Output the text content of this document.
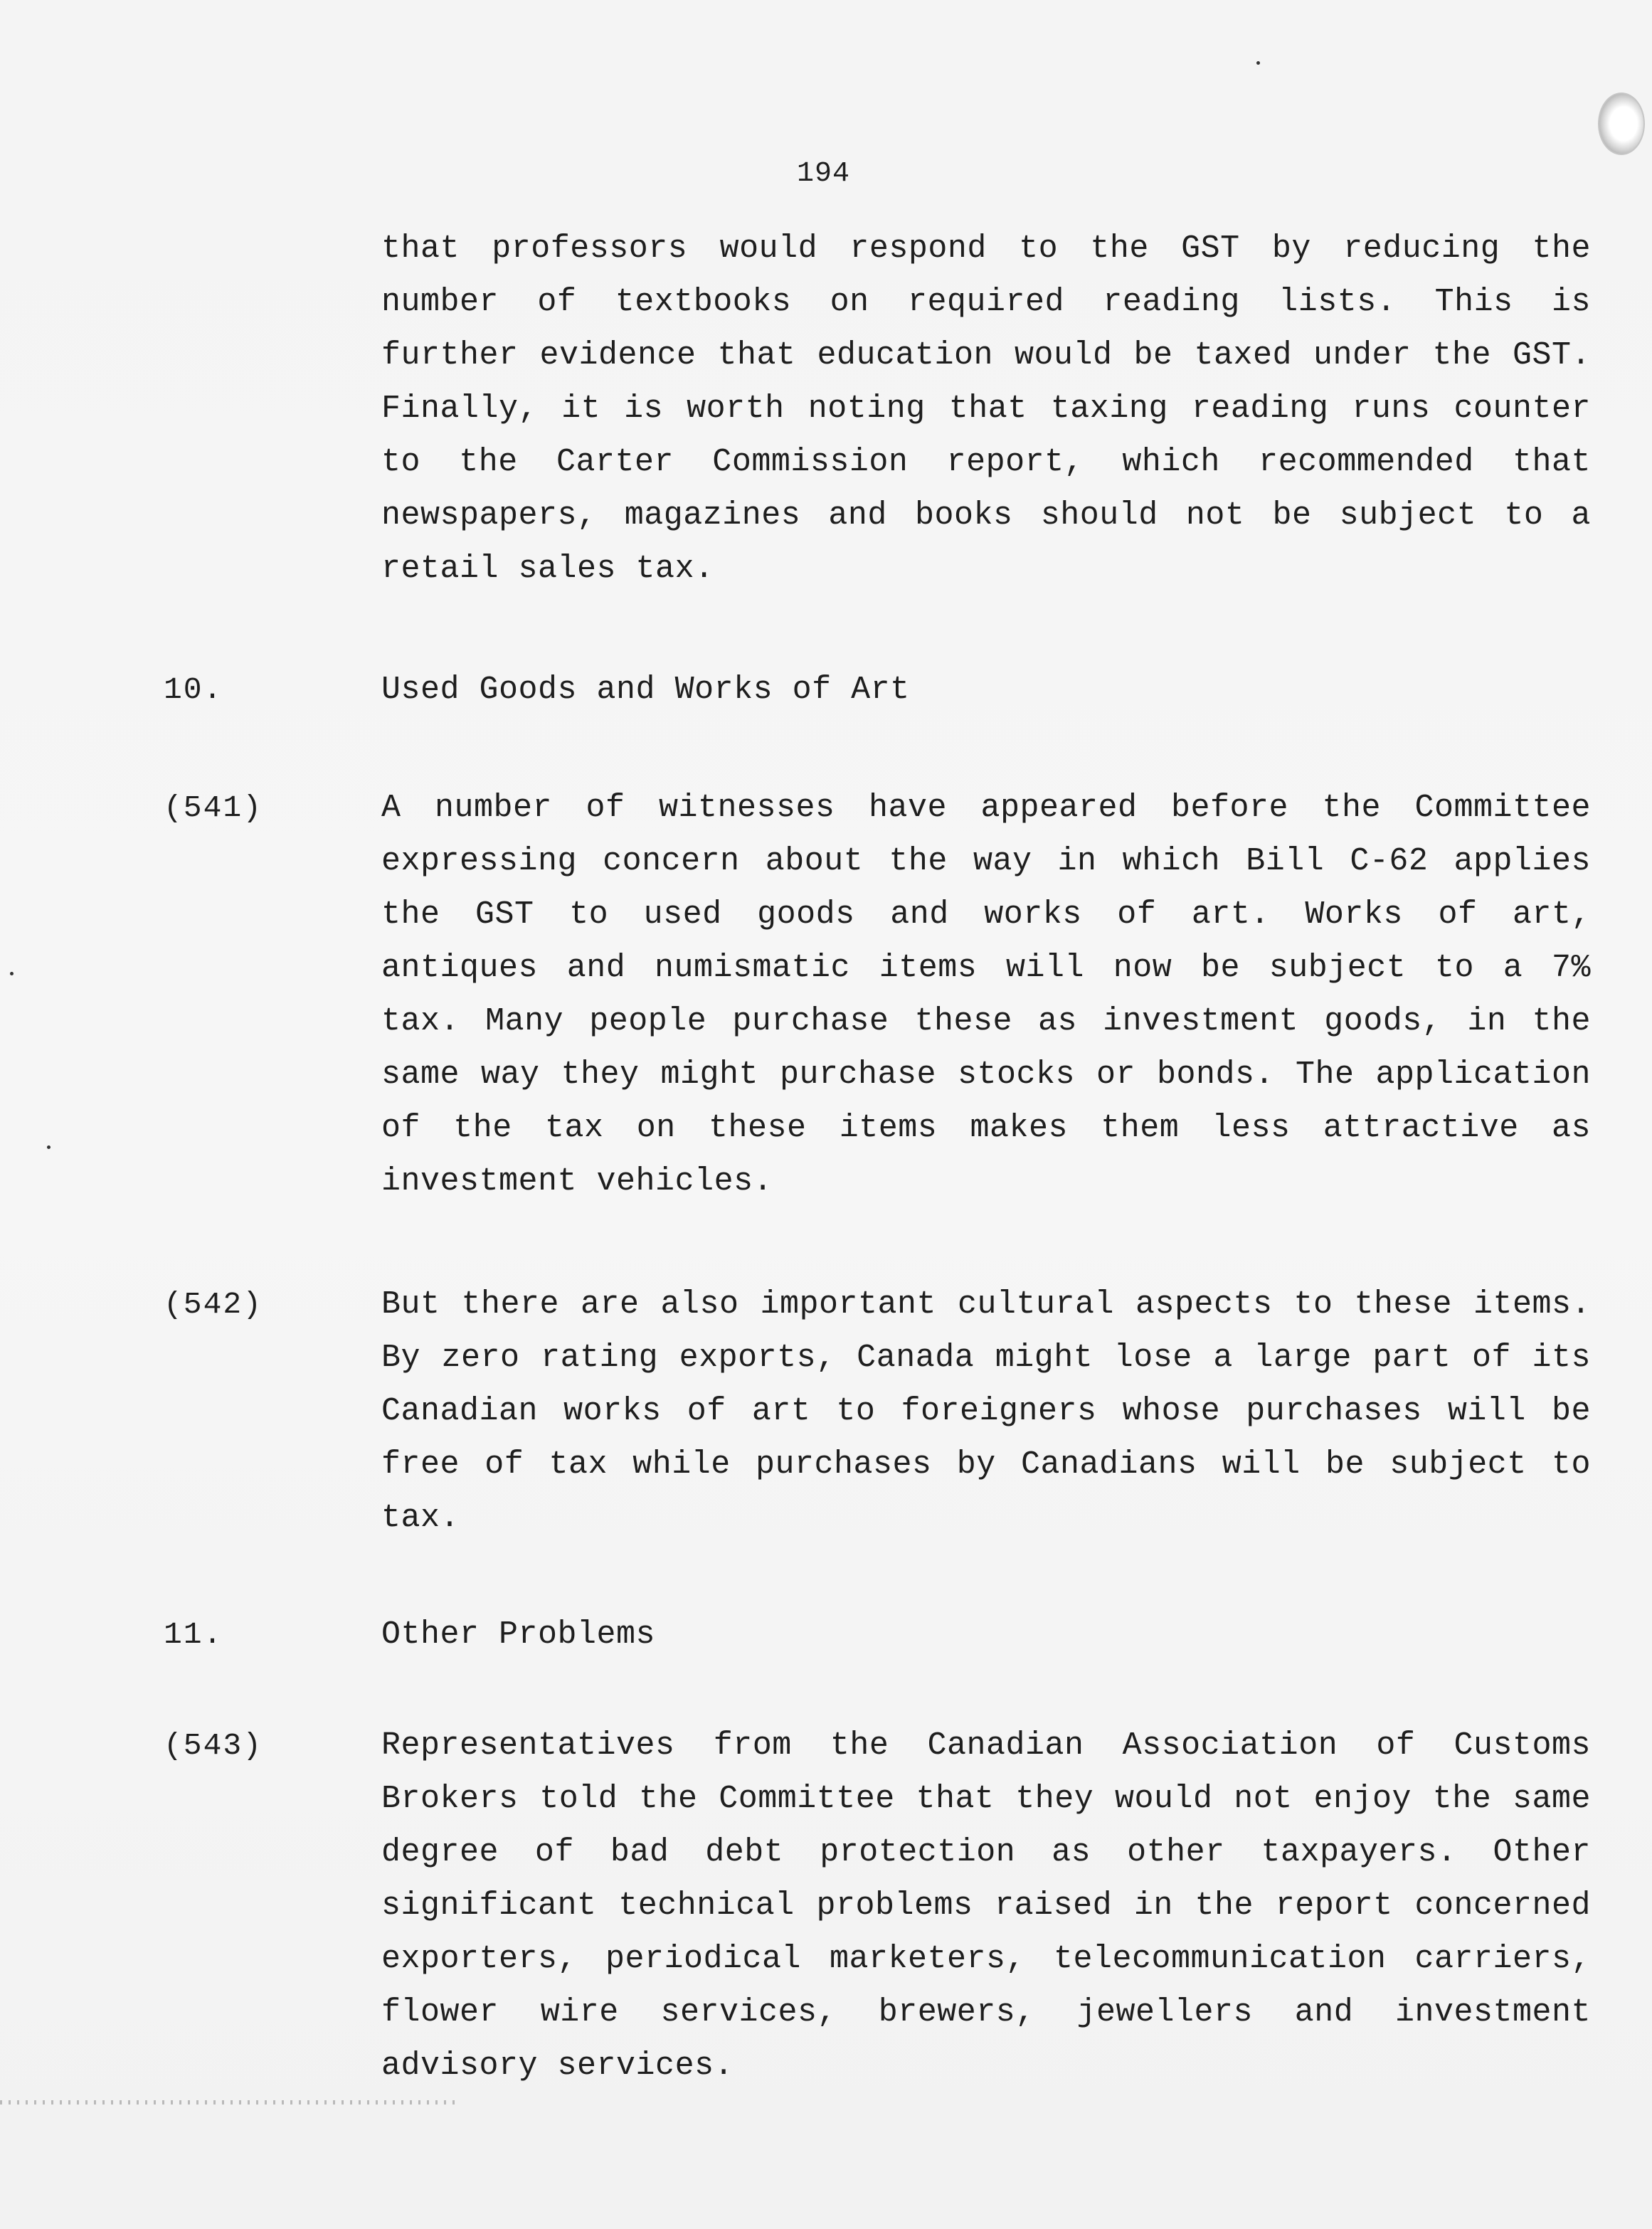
194

that professors would respond to the GST by reducing the number of textbooks on required reading lists. This is further evidence that education would be taxed under the GST. Finally, it is worth noting that taxing reading runs counter to the Carter Commission report, which recommended that newspapers, magazines and books should not be subject to a retail sales tax.

10.	Used Goods and Works of Art
(541)	A number of witnesses have appeared before the Committee expressing concern about the way in which Bill C-62 applies the GST to used goods and works of art. Works of art, antiques and numismatic items will now be subject to a 7% tax. Many people purchase these as investment goods, in the same way they might purchase stocks or bonds. The application of the tax on these items makes them less attractive as investment vehicles.

(542)	But there are also important cultural aspects to these items. By zero rating exports, Canada might lose a large part of its Canadian works of art to foreigners whose purchases will be free of tax while purchases by Canadians will be subject to tax.

11.	Other Problems
(543)	Representatives from the Canadian Association of Customs Brokers told the Committee that they would not enjoy the same degree of bad debt protection as other taxpayers. Other significant technical problems raised in the report concerned exporters, periodical marketers, telecommunication carriers, flower wire services, brewers, jewellers and investment advisory services.
